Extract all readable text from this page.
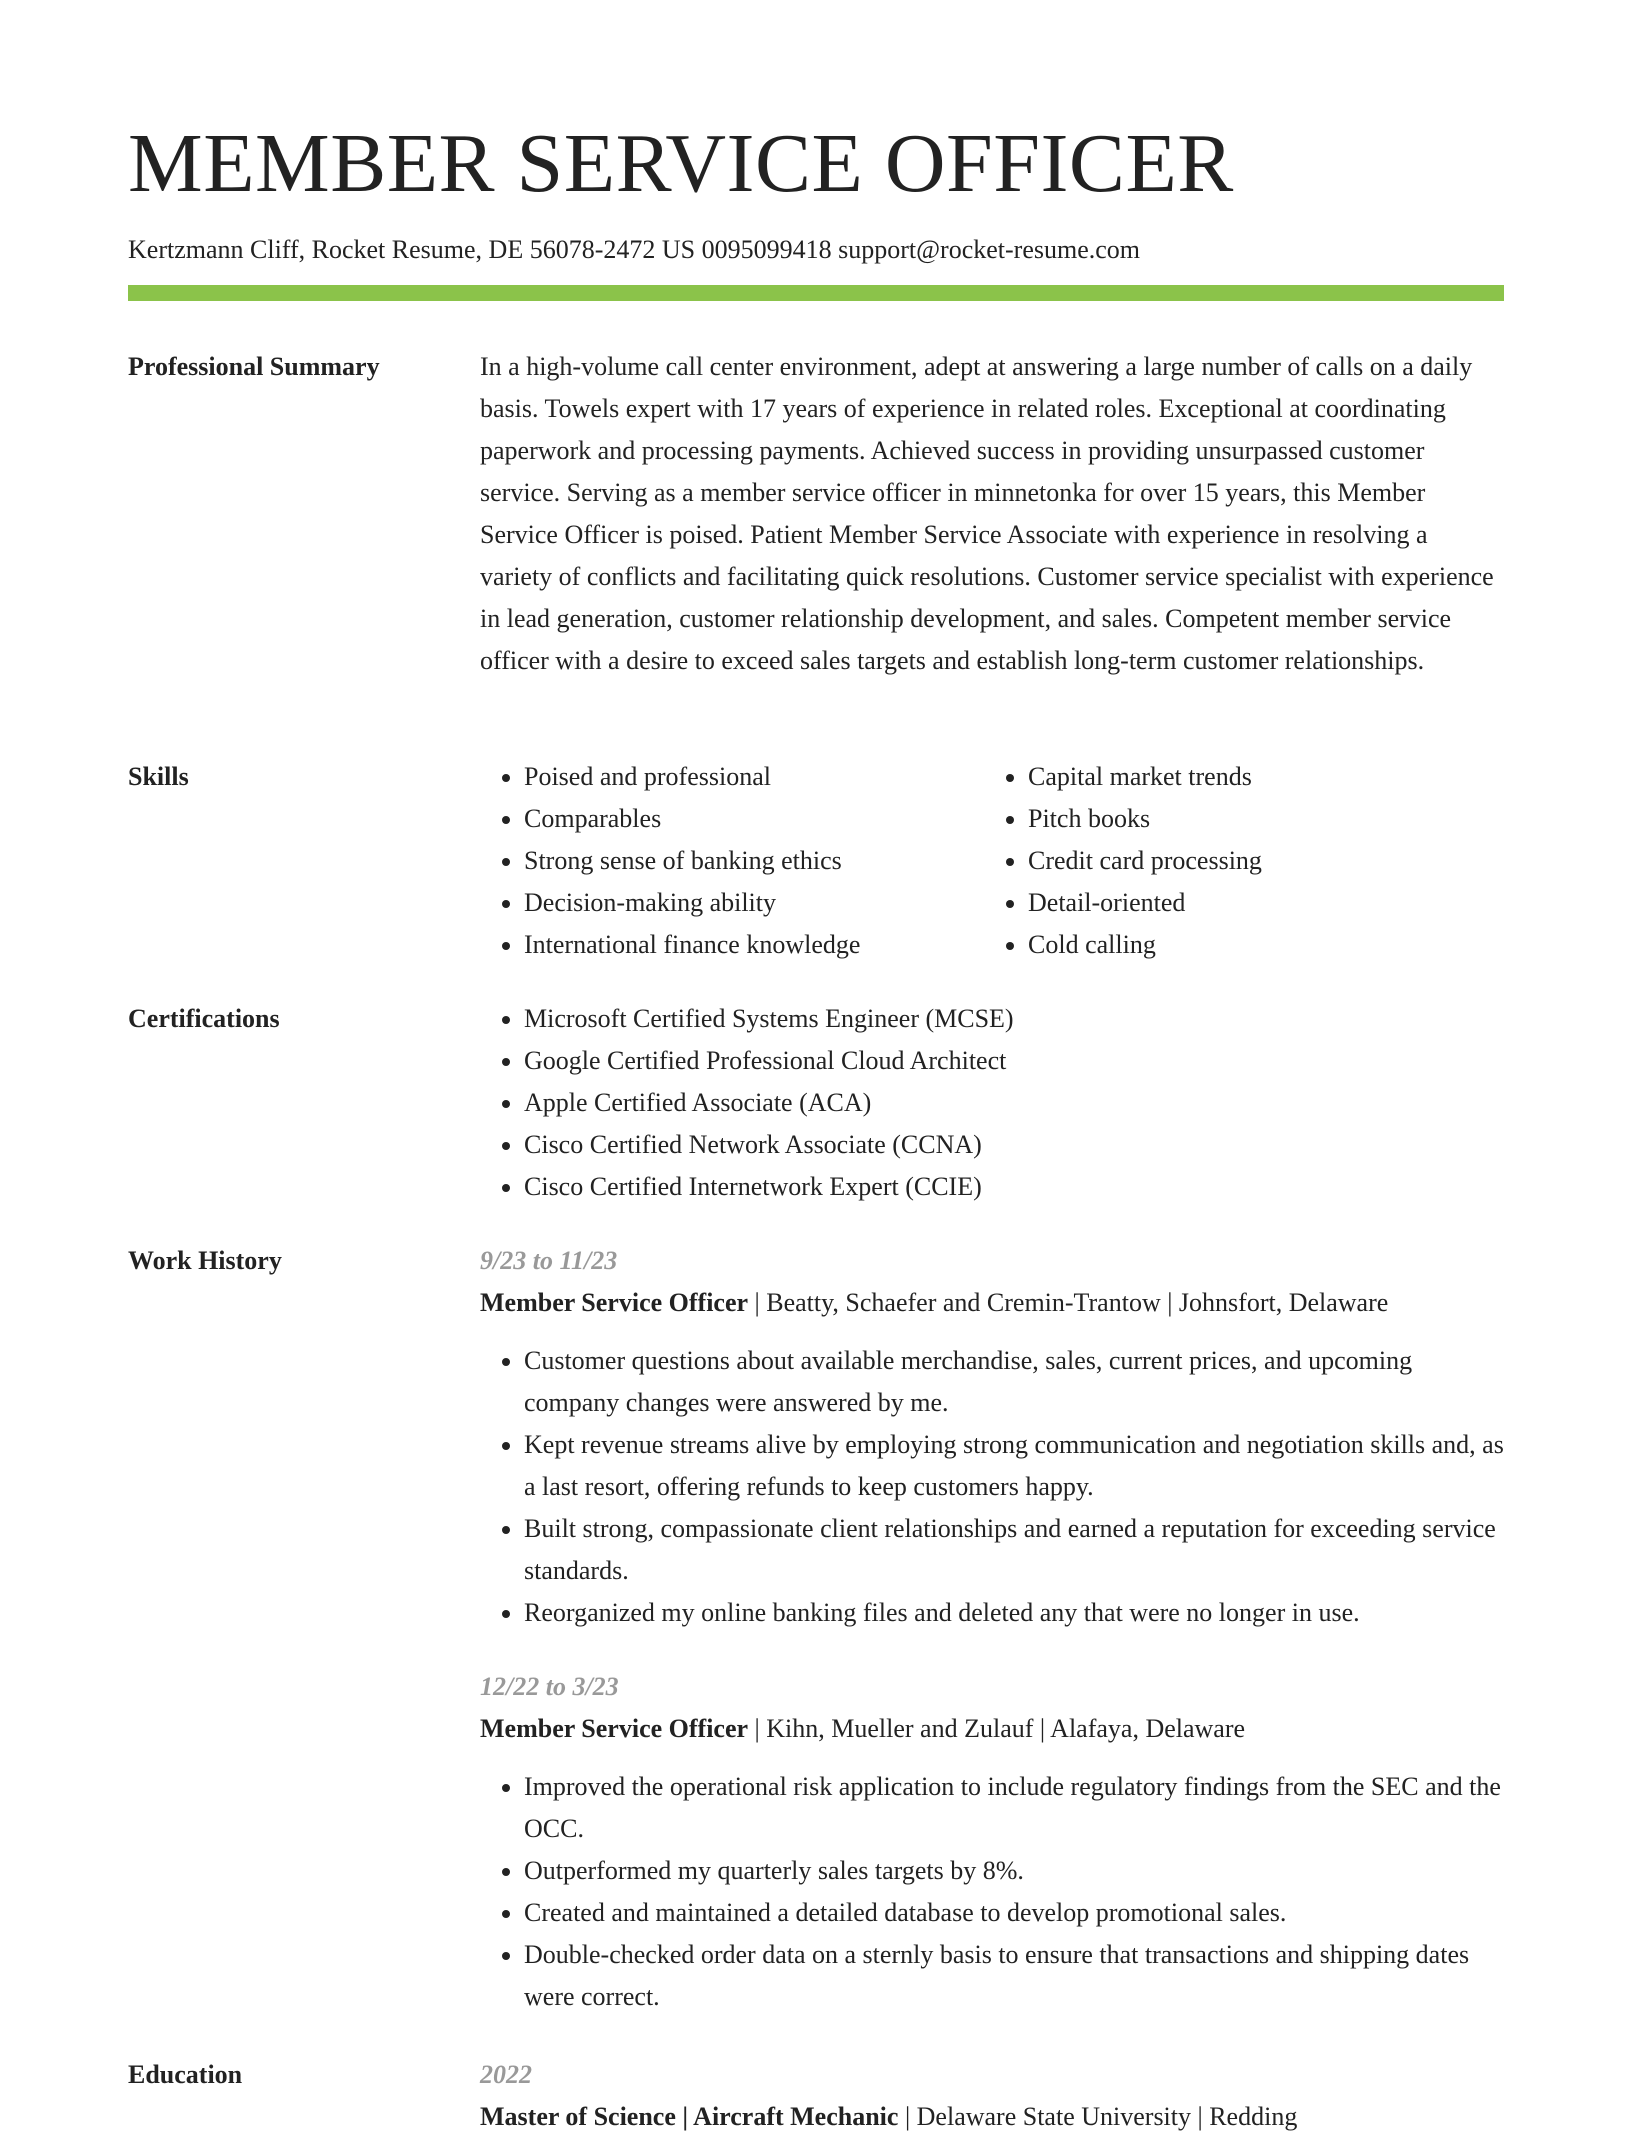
MEMBER SERVICE OFFICER
Kertzmann Cliff, Rocket Resume, DE 56078-2472 US 0095099418 support@rocket-resume.com
Professional Summary	In a high-volume call center environment, adept at answering a large number of calls on a daily basis. Towels expert with 17 years of experience in related roles. Exceptional at coordinating paperwork and processing payments. Achieved success in providing unsurpassed customer service. Serving as a member service officer in minnetonka for over 15 years, this Member Service Officer is poised. Patient Member Service Associate with experience in resolving a variety of conflicts and facilitating quick resolutions. Customer service specialist with experience in lead generation, customer relationship development, and sales. Competent member service officer with a desire to exceed sales targets and establish long-term customer relationships.

Skills	• Poised and professional
• Comparables
• Strong sense of banking ethics
• Decision-making ability
• International finance knowledge
• Capital market trends
• Pitch books
• Credit card processing
• Detail-oriented
• Cold calling
Certifications	• Microsoft Certified Systems Engineer (MCSE)
• Google Certified Professional Cloud Architect
• Apple Certified Associate (ACA)
• Cisco Certified Network Associate (CCNA)
• Cisco Certified Internetwork Expert (CCIE)
Work History	9/23 to 11/23
Member Service Officer | Beatty, Schaefer and Cremin-Trantow | Johnsfort, Delaware
• Customer questions about available merchandise, sales, current prices, and upcoming company changes were answered by me.
• Kept revenue streams alive by employing strong communication and negotiation skills and, as a last resort, offering refunds to keep customers happy.
• Built strong, compassionate client relationships and earned a reputation for exceeding service standards.
• Reorganized my online banking files and deleted any that were no longer in use.
12/22 to 3/23
Member Service Officer | Kihn, Mueller and Zulauf | Alafaya, Delaware
• Improved the operational risk application to include regulatory findings from the SEC and the OCC.
• Outperformed my quarterly sales targets by 8%.
• Created and maintained a detailed database to develop promotional sales.
• Double-checked order data on a sternly basis to ensure that transactions and shipping dates were correct.
Education	2022
Master of Science | Aircraft Mechanic | Delaware State University | Redding
